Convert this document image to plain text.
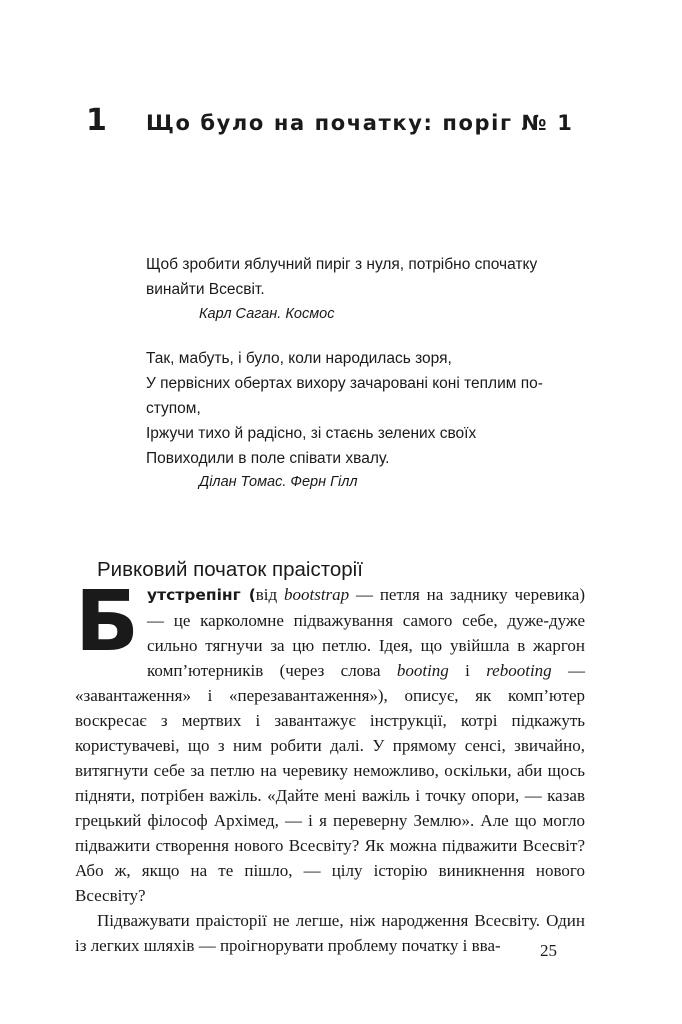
1	Що було на початку: поріг № 1
Щоб зробити яблучний пиріг з нуля, потрібно спочатку
винайти Всесвіт.
Карл Саган. Космос
Так, мабуть, і було, коли народилась зоря,
У первісних обертах вихору зачаровані коні теплим по-
ступом,
Іржучи тихо й радісно, зі стаєнь зелених своїх
Повиходили в поле співати хвалу.
Ділан Томас. Ферн Гілл
Ривковий початок праісторії

Бутстрепінг (від bootstrap — петля на заднику черевика) — це карколомне підважування самого себе, дуже-дуже сильно тягнучи за цю петлю. Ідея, що увійшла в жаргон комп’ютерників (через слова booting і rebooting — «завантаження» і «перезавантаження»), описує, як комп’ютер воскресає з мертвих і завантажує інструкції, котрі підкажуть користувачеві, що з ним робити далі. У прямому сенсі, звичайно, витягнути себе за петлю на черевику неможливо, оскільки, аби щось підняти, потрібен важіль. «Дайте мені важіль і точку опори, — казав грецький філософ Архімед, — і я переверну Землю». Але що могло підважити створення нового Всесвіту? Як можна підважити Всесвіт? Або ж, якщо на те пішло, — цілу історію виникнення нового Всесвіту?

Підважувати праісторії не легше, ніж народження Всесвіту. Один із легких шляхів — проігнорувати проблему початку і вва-	25
